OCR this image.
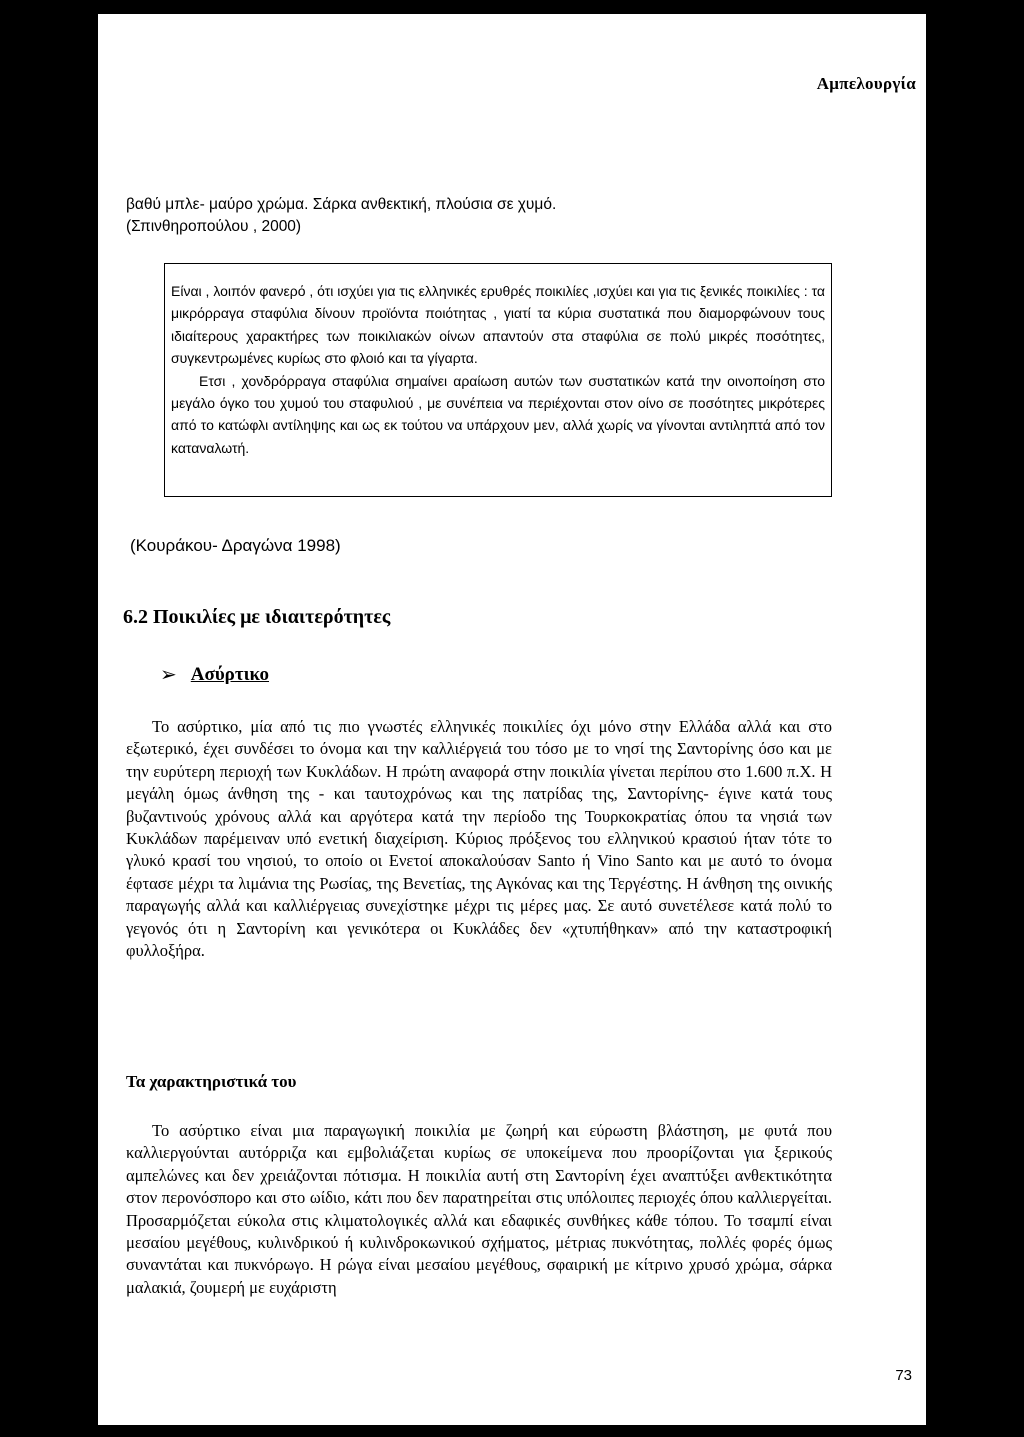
Αμπελουργία
βαθύ μπλε- μαύρο χρώμα. Σάρκα ανθεκτική, πλούσια σε χυμό.
(Σπινθηροπούλου , 2000)

Είναι , λοιπόν φανερό , ότι ισχύει για τις ελληνικές ερυθρές ποικιλίες ,ισχύει και για τις ξενικές ποικιλίες : τα μικρόρραγα σταφύλια δίνουν προϊόντα ποιότητας , γιατί τα κύρια συστατικά που διαμορφώνουν τους ιδιαίτερους χαρακτήρες των ποικιλιακών οίνων απαντούν στα σταφύλια σε πολύ μικρές ποσότητες, συγκεντρωμένες κυρίως στο φλοιό και τα γίγαρτα.

Ετσι , χονδρόρραγα σταφύλια σημαίνει αραίωση αυτών των συστατικών κατά την οινοποίηση στο μεγάλο όγκο του χυμού του σταφυλιού , με συνέπεια να περιέχονται στον οίνο σε ποσότητες μικρότερες από το κατώφλι αντίληψης και ως εκ τούτου να υπάρχουν μεν, αλλά χωρίς να γίνονται αντιληπτά από τον καταναλωτή.

(Κουράκου- Δραγώνα 1998)
6.2 Ποικιλίες με ιδιαιτερότητες
➢ Ασύρτικο

Το ασύρτικο, μία από τις πιο γνωστές ελληνικές ποικιλίες όχι μόνο στην Ελλάδα αλλά και στο εξωτερικό, έχει συνδέσει το όνομα και την καλλιέργειά του τόσο με το νησί της Σαντορίνης όσο και με την ευρύτερη περιοχή των Κυκλάδων. Η πρώτη αναφορά στην ποικιλία γίνεται περίπου στο 1.600 π.Χ. Η μεγάλη όμως άνθηση της - και ταυτοχρόνως και της πατρίδας της, Σαντορίνης- έγινε κατά τους βυζαντινούς χρόνους αλλά και αργότερα κατά την περίοδο της Τουρκοκρατίας όπου τα νησιά των Κυκλάδων παρέμειναν υπό ενετική διαχείριση. Κύριος πρόξενος του ελληνικού κρασιού ήταν τότε το γλυκό κρασί του νησιού, το οποίο οι Ενετοί αποκαλούσαν Santo ή Vino Santo και με αυτό το όνομα έφτασε μέχρι τα λιμάνια της Ρωσίας, της Βενετίας, της Αγκόνας και της Τεργέστης. Η άνθηση της οινικής παραγωγής αλλά και καλλιέργειας συνεχίστηκε μέχρι τις μέρες μας. Σε αυτό συνετέλεσε κατά πολύ το γεγονός ότι η Σαντορίνη και γενικότερα οι Κυκλάδες δεν «χτυπήθηκαν» από την καταστροφική φυλλοξήρα.

Τα χαρακτηριστικά του

Το ασύρτικο είναι μια παραγωγική ποικιλία με ζωηρή και εύρωστη βλάστηση, με φυτά που καλλιεργούνται αυτόρριζα και εμβολιάζεται κυρίως σε υποκείμενα που προορίζονται για ξερικούς αμπελώνες και δεν χρειάζονται πότισμα. Η ποικιλία αυτή στη Σαντορίνη έχει αναπτύξει ανθεκτικότητα στον περονόσπορο και στο ωίδιο, κάτι που δεν παρατηρείται στις υπόλοιπες περιοχές όπου καλλιεργείται. Προσαρμόζεται εύκολα στις κλιματολογικές αλλά και εδαφικές συνθήκες κάθε τόπου. Το τσαμπί είναι μεσαίου μεγέθους, κυλινδρικού ή κυλινδροκωνικού σχήματος, μέτριας πυκνότητας, πολλές φορές όμως συναντάται και πυκνόρωγο. Η ρώγα είναι μεσαίου μεγέθους, σφαιρική με κίτρινο χρυσό χρώμα, σάρκα μαλακιά, ζουμερή με ευχάριστη

73
